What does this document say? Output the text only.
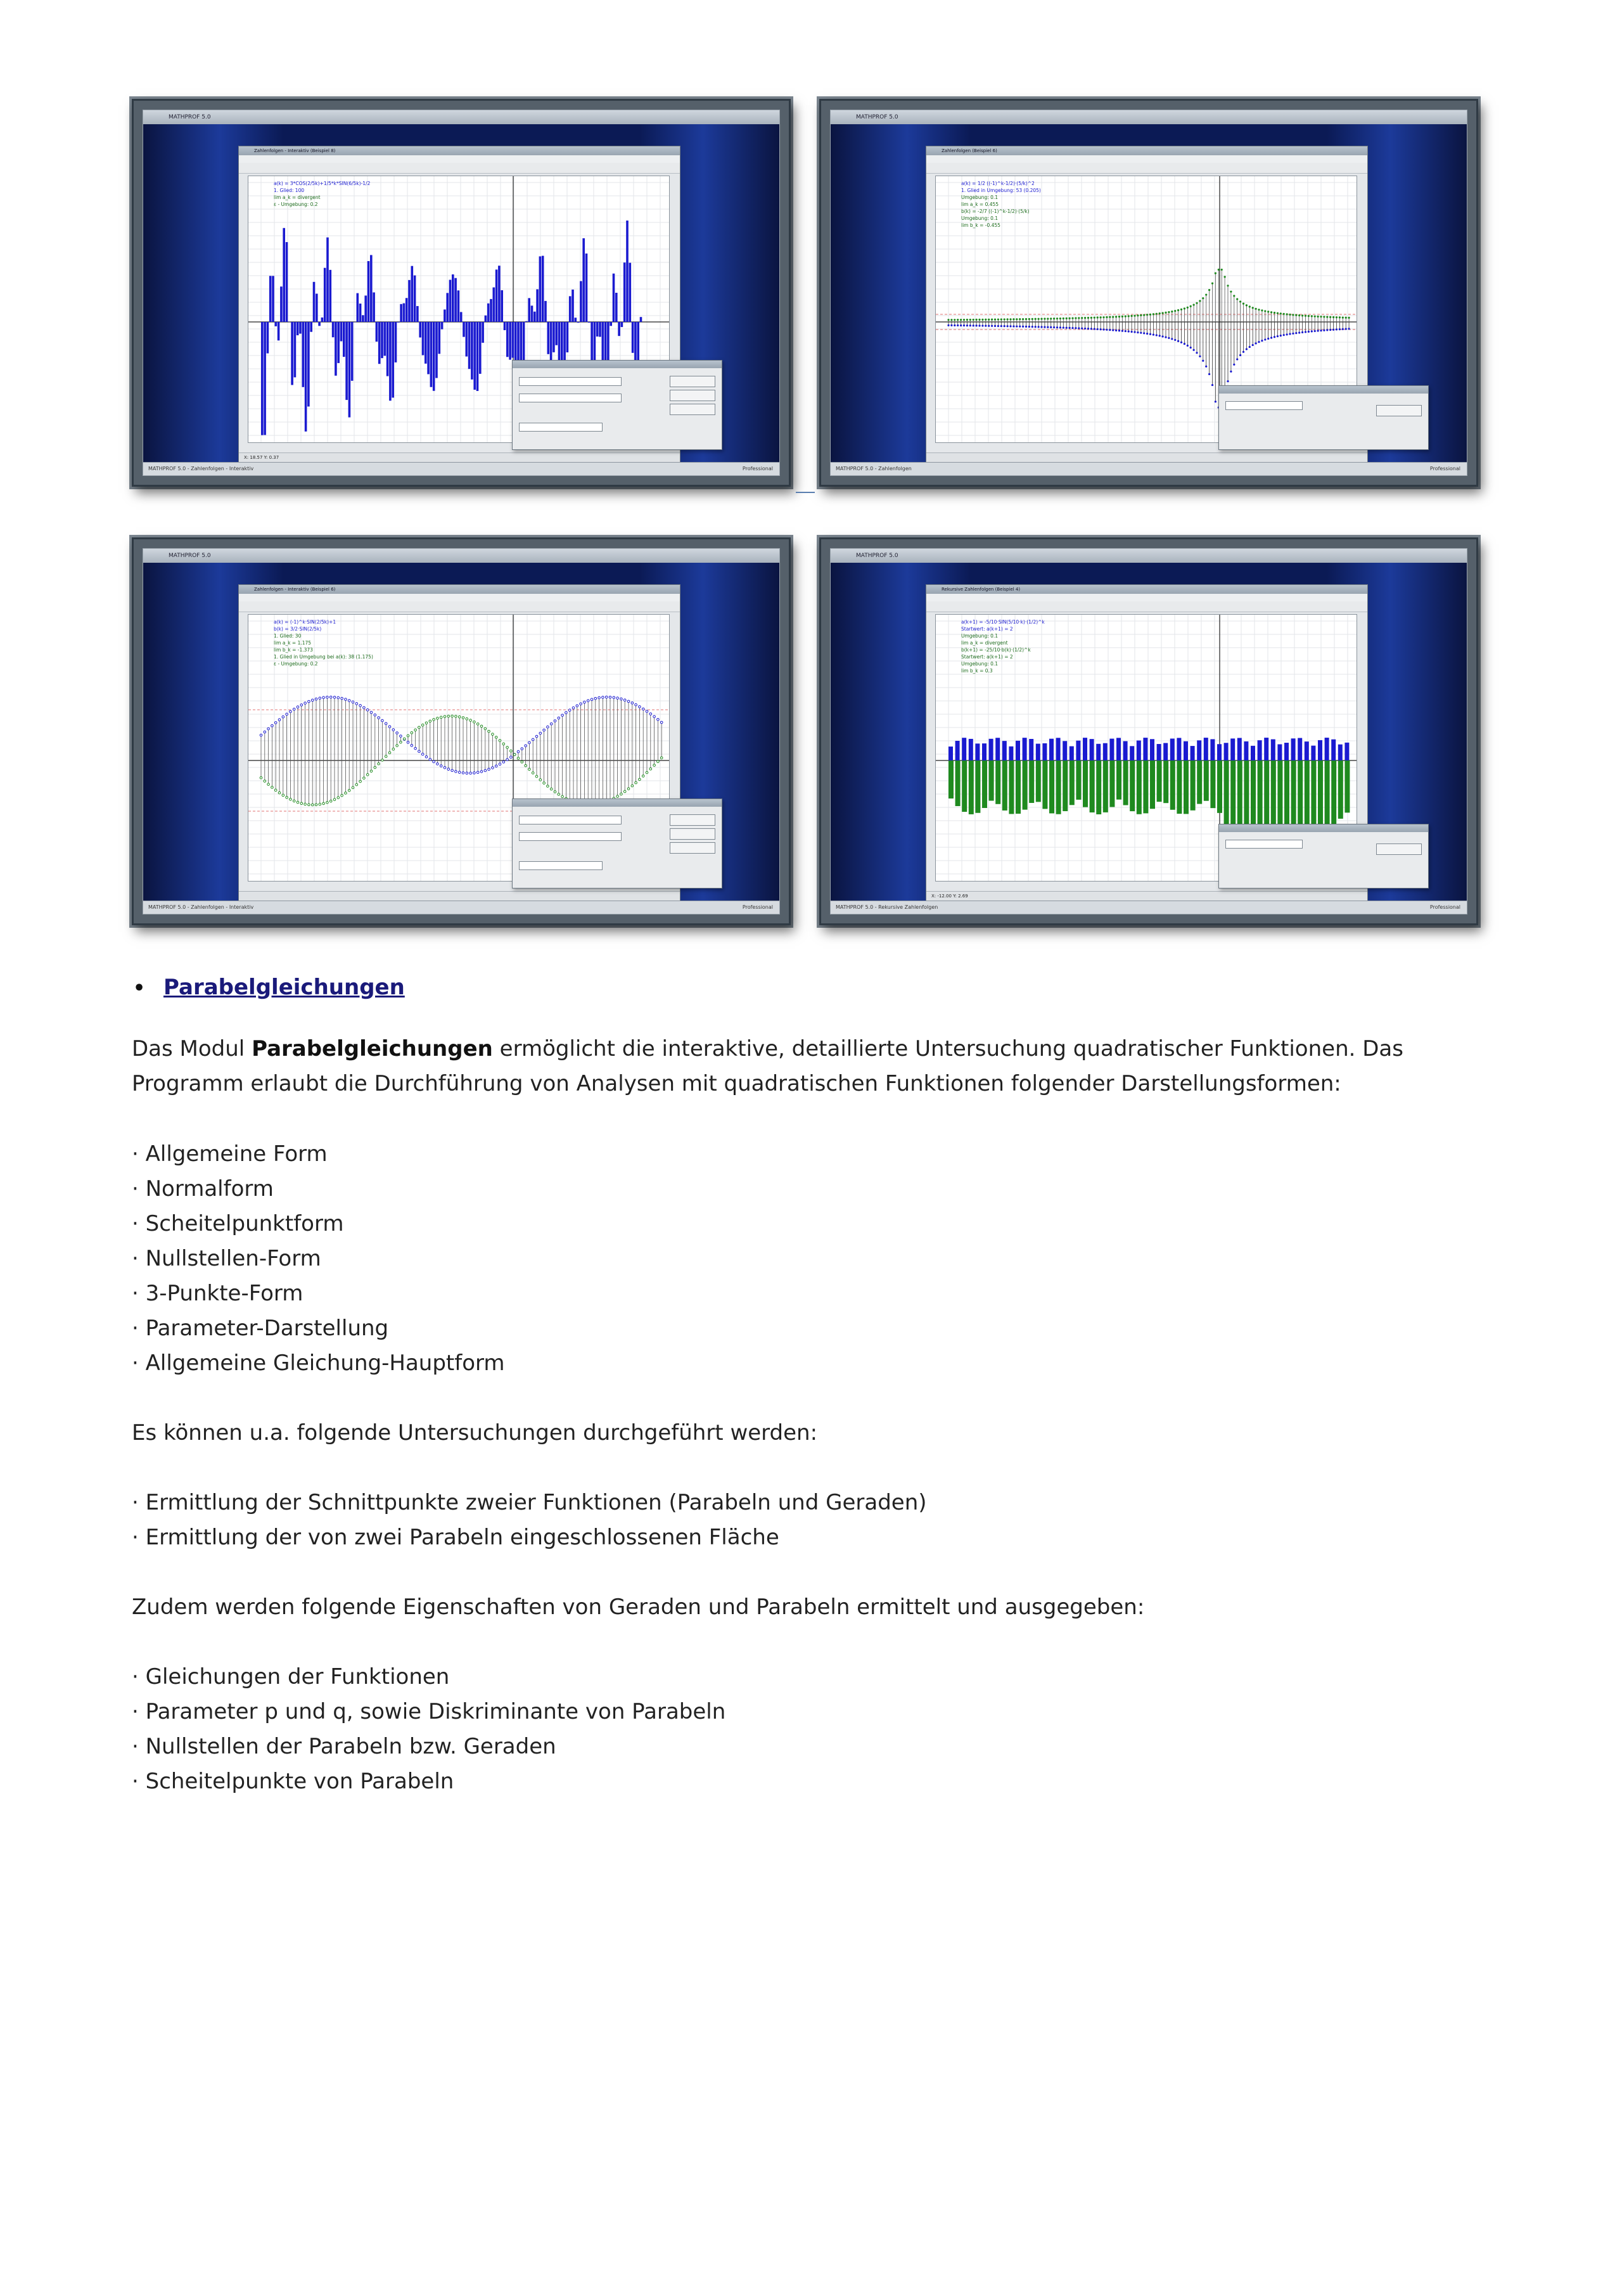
MATHPROF 5.0
Zahlenfolgen - Interaktiv (Beispiel 8)
a(k) = 3*COS(2/5k)+1/5*k*SIN(6/5k)-1/2
1. Glied: 100
lim a_k = divergent
ε - Umgebung: 0.2
X: 18.57 Y: 0.37
MATHPROF 5.0 - Zahlenfolgen - Interaktiv	Professional
MATHPROF 5.0
Zahlenfolgen (Beispiel 6)
a(k) = 1/2 ((-1)^k-1/2)·(5/k)^2
1. Glied in Umgebung: 53 (0.205)
Umgebung: 0.1
lim a_k = 0.455
b(k) = -2/7 ((-1)^k-1/2)·(5/k)
Umgebung: 0.1
lim b_k = -0.455
MATHPROF 5.0 - Zahlenfolgen	Professional
MATHPROF 5.0
Zahlenfolgen - Interaktiv (Beispiel 6)
a(k) = (-1)^k·SIN(2/5k)+1
b(k) = 3/2·SIN(2/5k)
1. Glied: 30
lim a_k = 1.175
lim b_k = -1.373
1. Glied in Umgebung bei a(k): 38 (1.175)
ε - Umgebung: 0.2
MATHPROF 5.0 - Zahlenfolgen - Interaktiv	Professional
MATHPROF 5.0
Rekursive Zahlenfolgen (Beispiel 4)
a(k+1) = -5/10·SIN(5/10·k)·(1/2)^k
Startwert: a(k+1) = 2
Umgebung: 0.1
lim a_k = divergent
b(k+1) = -25/10·b(k)·(1/2)^k
Startwert: a(k+1) = 2
Umgebung: 0.1
lim b_k = 0.3
X: -12.00 Y: 2.69
MATHPROF 5.0 - Rekursive Zahlenfolgen	Professional
• Parabelgleichungen
Das Modul Parabelgleichungen ermöglicht die interaktive, detaillierte Untersuchung quadratischer Funktionen. Das
Programm erlaubt die Durchführung von Analysen mit quadratischen Funktionen folgender Darstellungsformen:
· Allgemeine Form
· Normalform
· Scheitelpunktform
· Nullstellen-Form
· 3-Punkte-Form
· Parameter-Darstellung
· Allgemeine Gleichung-Hauptform
Es können u.a. folgende Untersuchungen durchgeführt werden:
· Ermittlung der Schnittpunkte zweier Funktionen (Parabeln und Geraden)
· Ermittlung der von zwei Parabeln eingeschlossenen Fläche
Zudem werden folgende Eigenschaften von Geraden und Parabeln ermittelt und ausgegeben:
· Gleichungen der Funktionen
· Parameter p und q, sowie Diskriminante von Parabeln
· Nullstellen der Parabeln bzw. Geraden
· Scheitelpunkte von Parabeln
